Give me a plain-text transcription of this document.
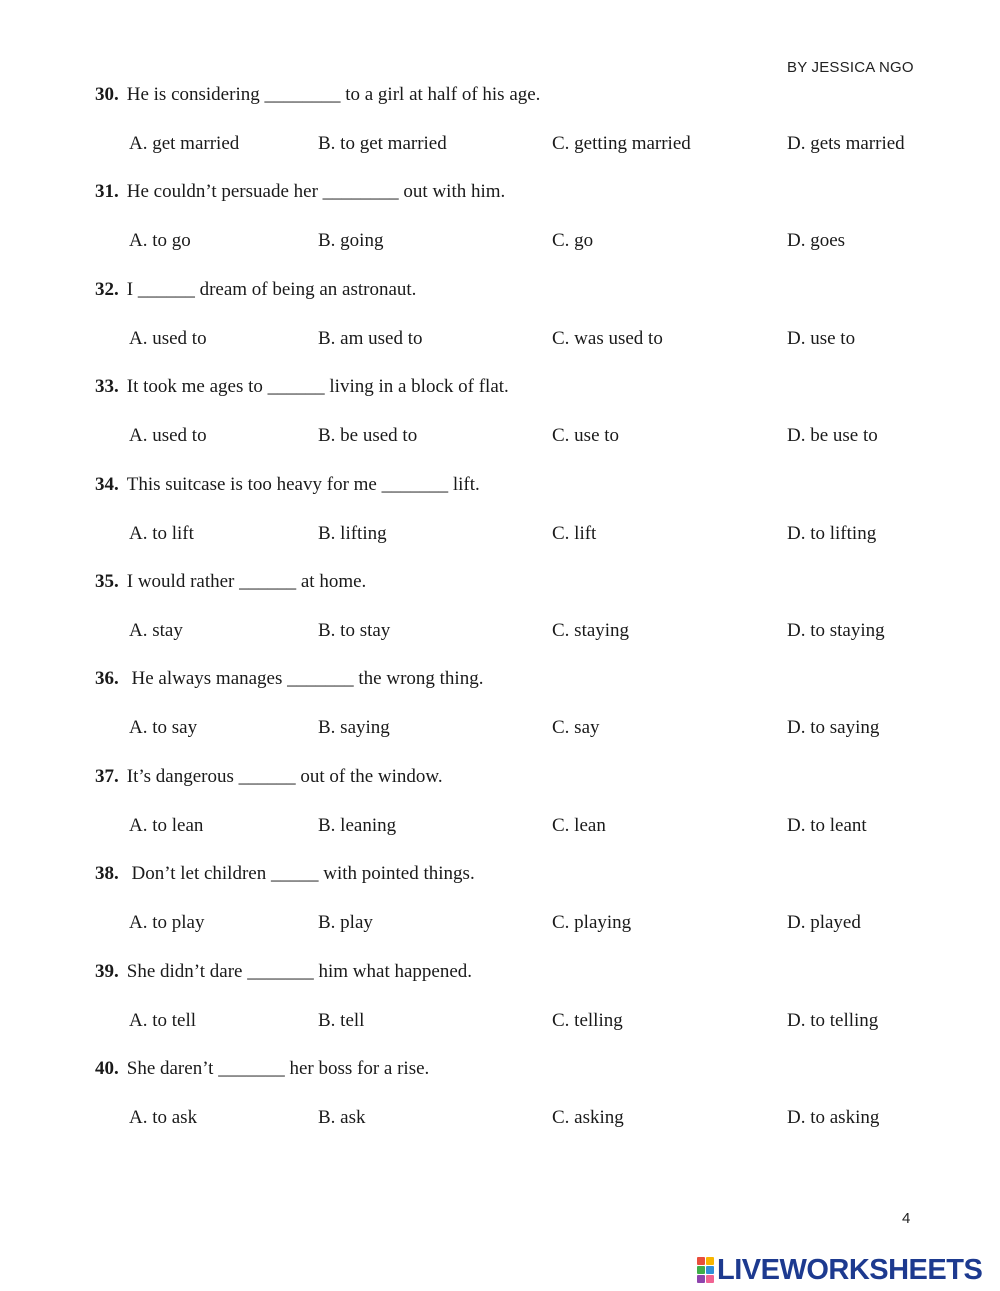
BY JESSICA NGO
30. He is considering ________ to a girl at half of his age.
A. get married	B. to get married	C. getting married	D. gets married
31. He couldn’t persuade her ________ out with him.
A. to go	B. going	C. go	D. goes
32. I ______ dream of being an astronaut.
A. used to	B. am used to	C. was used to	D. use to
33. It took me ages to ______ living in a block of flat.
A. used to	B. be used to	C. use to	D. be use to
34. This suitcase is too heavy for me _______ lift.
A. to lift	B. lifting	C. lift	D. to lifting
35. I would rather ______ at home.
A. stay	B. to stay	C. staying	D. to staying
36. He always manages _______ the wrong thing.
A. to say	B. saying	C. say	D. to saying
37. It’s dangerous ______ out of the window.
A. to lean	B. leaning	C. lean	D. to leant
38. Don’t let children _____ with pointed things.
A. to play	B. play	C. playing	D. played
39. She didn’t dare _______ him what happened.
A. to tell	B. tell	C. telling	D. to telling
40. She daren’t _______ her boss for a rise.
A. to ask	B. ask	C. asking	D. to asking
4
LIVEWORKSHEETS
